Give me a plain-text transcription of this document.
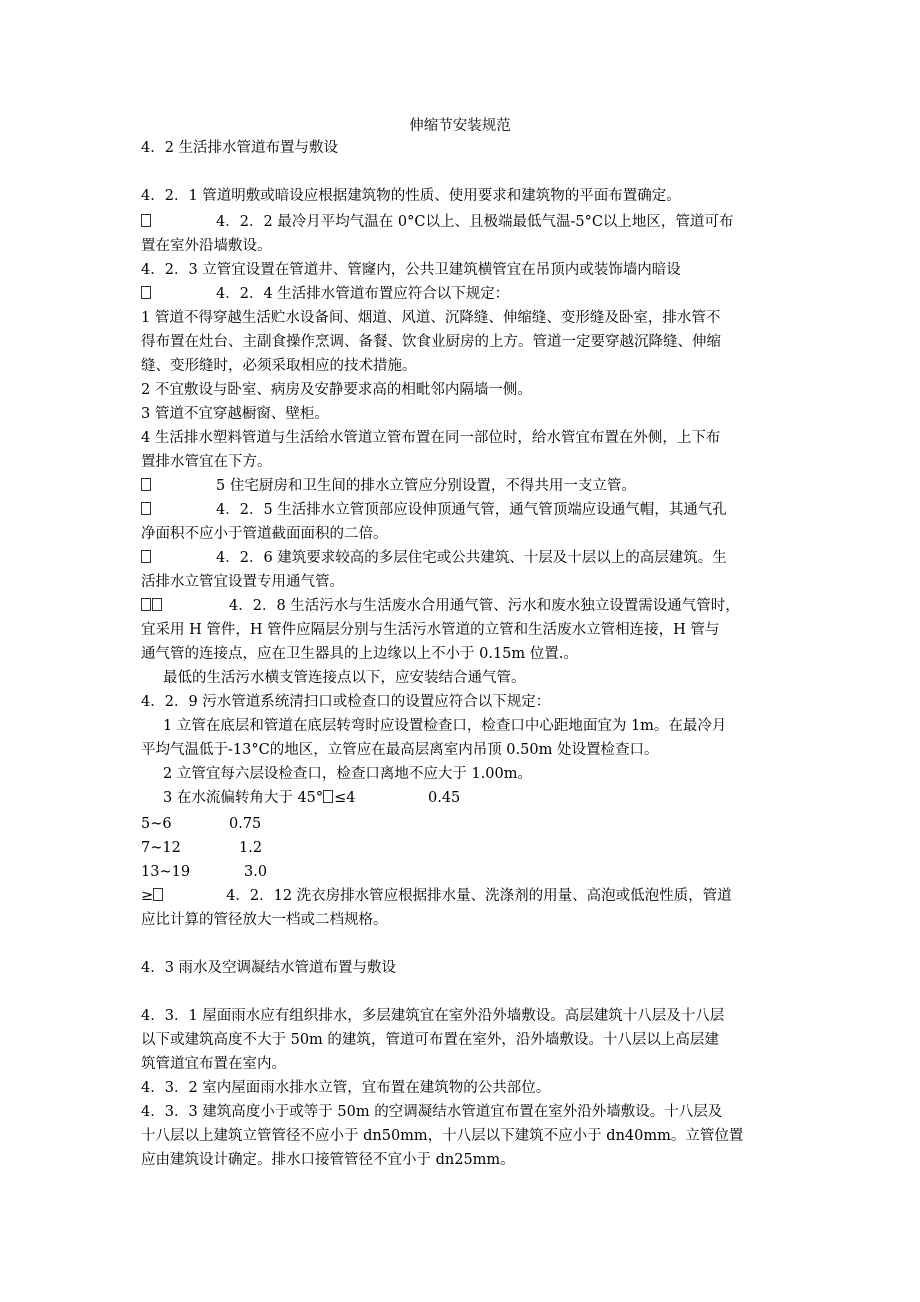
伸缩节安装规范
4．2 生活排水管道布置与敷设
4．2．1 管道明敷或暗设应根据建筑物的性质、使用要求和建筑物的平面布置确定。
4．2．2 最冷月平均气温在 0°C以上、且极端最低气温-5°C以上地区，管道可布
置在室外沿墙敷设。
4．2．3 立管宜设置在管道井、管窿内，公共卫建筑横管宜在吊顶内或装饰墙内暗设
4．2．4 生活排水管道布置应符合以下规定：
1 管道不得穿越生活贮水设备间、烟道、风道、沉降缝、伸缩缝、变形缝及卧室，排水管不
得布置在灶台、主副食操作烹调、备餐、饮食业厨房的上方。管道一定要穿越沉降缝、伸缩
缝、变形缝时，必须采取相应的技术措施。
2 不宜敷设与卧室、病房及安静要求高的相毗邻内隔墙一侧。
3 管道不宜穿越橱窗、壁柜。
4 生活排水塑料管道与生活给水管道立管布置在同一部位时，给水管宜布置在外侧，上下布
置排水管宜在下方。
5 住宅厨房和卫生间的排水立管应分别设置，不得共用一支立管。
4．2．5 生活排水立管顶部应设伸顶通气管，通气管顶端应设通气帽，其通气孔
净面积不应小于管道截面面积的二倍。
4．2．6 建筑要求较高的多层住宅或公共建筑、十层及十层以上的高层建筑。生
活排水立管宜设置专用通气管。
4．2．8 生活污水与生活废水合用通气管、污水和废水独立设置需设通气管时，
宜采用 H 管件，H 管件应隔层分别与生活污水管道的立管和生活废水立管相连接，H 管与
通气管的连接点，应在卫生器具的上边缘以上不小于 0.15m 位置.。
最低的生活污水横支管连接点以下，应安装结合通气管。
4．2．9 污水管道系统清扫口或检查口的设置应符合以下规定：
1 立管在底层和管道在底层转弯时应设置检查口，检查口中心距地面宜为 1m。在最冷月
平均气温低于-13°C的地区，立管应在最高层离室内吊顶 0.50m 处设置检查口。
2 立管宜每六层设检查口，检查口离地不应大于 1.00m。
3 在水流偏转角大于 45° ≤4	0.45
5~6	0.75
7~12	1.2
13~19	3.0
≥	4．2．12 洗衣房排水管应根据排水量、洗涤剂的用量、高泡或低泡性质，管道
应比计算的管径放大一档或二档规格。
4．3 雨水及空调凝结水管道布置与敷设
4．3．1 屋面雨水应有组织排水，多层建筑宜在室外沿外墙敷设。高层建筑十八层及十八层
以下或建筑高度不大于 50m 的建筑，管道可布置在室外，沿外墙敷设。十八层以上高层建
筑管道宜布置在室内。
4．3．2 室内屋面雨水排水立管，宜布置在建筑物的公共部位。
4．3．3 建筑高度小于或等于 50m 的空调凝结水管道宜布置在室外沿外墙敷设。十八层及
十八层以上建筑立管管径不应小于 dn50mm，十八层以下建筑不应小于 dn40mm。立管位置
应由建筑设计确定。排水口接管管径不宜小于 dn25mm。
